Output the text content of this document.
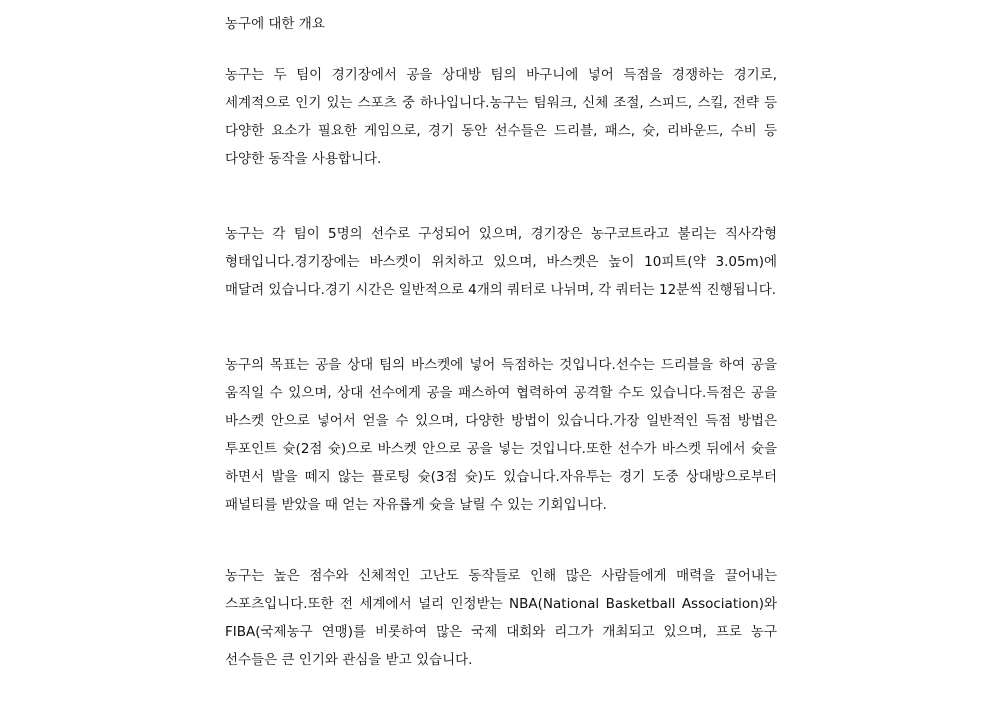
농구에 대한 개요

농구는 두 팀이 경기장에서 공을 상대방 팀의 바구니에 넣어 득점을 경쟁하는 경기로, 세계적으로 인기 있는 스포츠 중 하나입니다.농구는 팀워크, 신체 조절, 스피드, 스킬, 전략 등 다양한 요소가 필요한 게임으로, 경기 동안 선수들은 드리블, 패스, 슛, 리바운드, 수비 등 다양한 동작을 사용합니다.

농구는 각 팀이 5명의 선수로 구성되어 있으며, 경기장은 농구코트라고 불리는 직사각형 형태입니다.경기장에는 바스켓이 위치하고 있으며, 바스켓은 높이 10피트(약 3.05m)에 매달려 있습니다.경기 시간은 일반적으로 4개의 쿼터로 나뉘며, 각 쿼터는 12분씩 진행됩니다.

농구의 목표는 공을 상대 팀의 바스켓에 넣어 득점하는 것입니다.선수는 드리블을 하여 공을 움직일 수 있으며, 상대 선수에게 공을 패스하여 협력하여 공격할 수도 있습니다.득점은 공을 바스켓 안으로 넣어서 얻을 수 있으며, 다양한 방법이 있습니다.가장 일반적인 득점 방법은 투포인트 슛(2점 슛)으로 바스켓 안으로 공을 넣는 것입니다.또한 선수가 바스켓 뒤에서 슛을 하면서 발을 떼지 않는 플로팅 슛(3점 슛)도 있습니다.자유투는 경기 도중 상대방으로부터 패널티를 받았을 때 얻는 자유롭게 슛을 날릴 수 있는 기회입니다.

농구는 높은 점수와 신체적인 고난도 동작들로 인해 많은 사람들에게 매력을 끌어내는 스포츠입니다.또한 전 세계에서 널리 인정받는 NBA(National Basketball Association)와 FIBA(국제농구 연맹)를 비롯하여 많은 국제 대회와 리그가 개최되고 있으며, 프로 농구 선수들은 큰 인기와 관심을 받고 있습니다.
